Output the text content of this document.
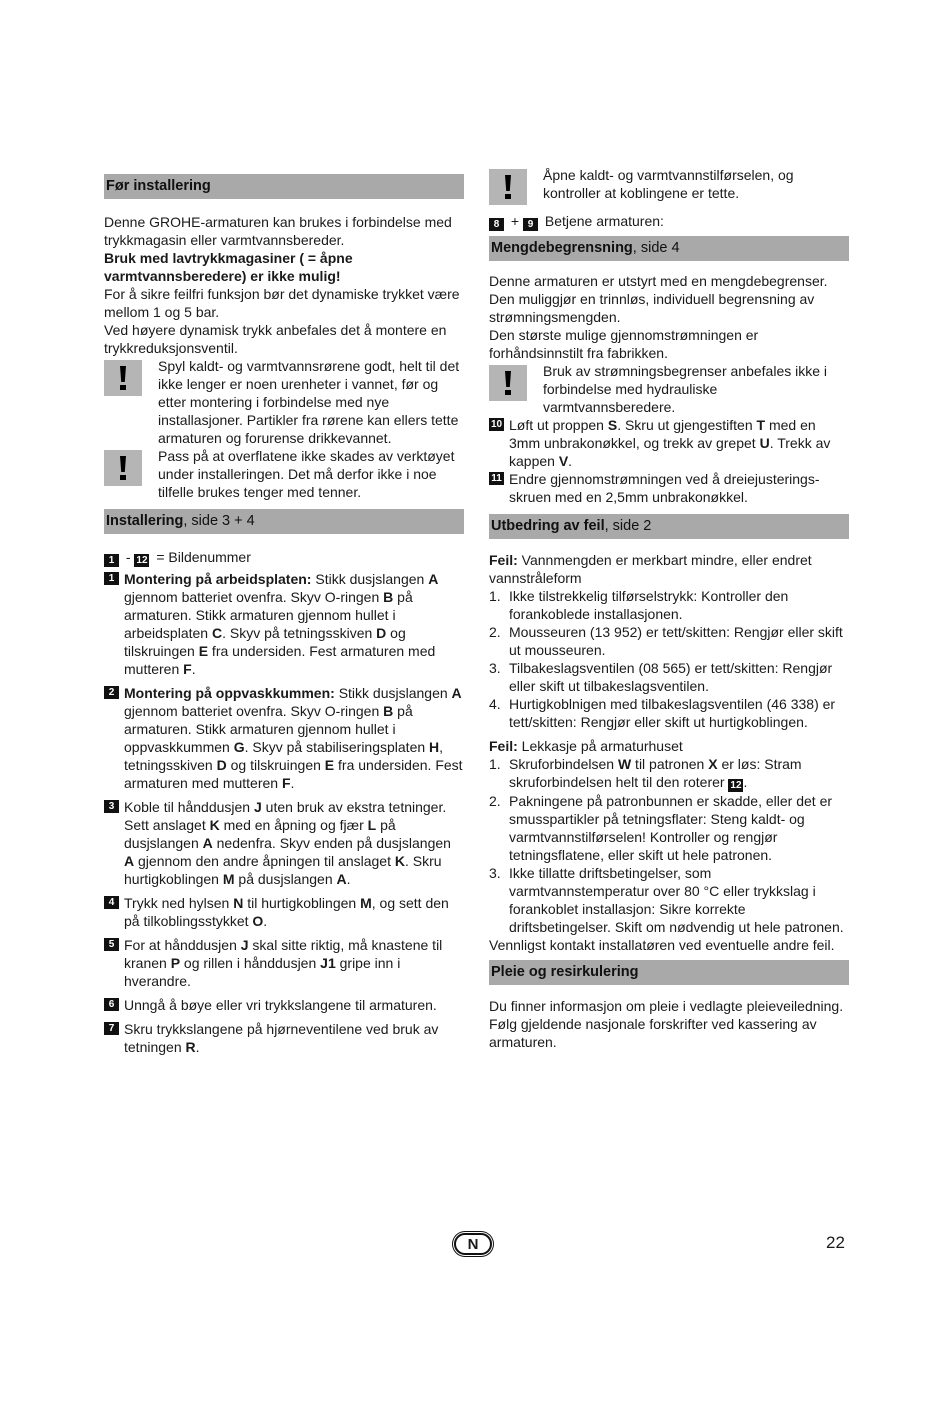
Før installering

Denne GROHE-armaturen kan brukes i forbindelse med trykkmagasin eller varmtvannsbereder.

Bruk med lavtrykkmagasiner ( = åpne varmtvannsberedere) er ikke mulig!

For å sikre feilfri funksjon bør det dynamiske trykket være mellom 1 og 5 bar.

Ved høyere dynamisk trykk anbefales det å montere en trykkreduksjonsventil.

Spyl kaldt- og varmtvannsrørene godt, helt til det ikke lenger er noen urenheter i vannet, før og etter montering i forbindelse med nye installasjoner. Partikler fra rørene kan ellers tette armaturen og forurense drikkevannet.
Pass på at overflatene ikke skades av verktøyet under installeringen. Det må derfor ikke i noe tilfelle brukes tenger med tenner.
Installering, side 3 + 4

1 - 12 = Bildenummer

1 Montering på arbeidsplaten: Stikk dusjslangen A gjennom batteriet ovenfra. Skyv O-ringen B på armaturen. Stikk armaturen gjennom hullet i arbeidsplaten C. Skyv på tetningsskiven D og tilskruingen E fra undersiden. Fest armaturen med mutteren F.
2 Montering på oppvaskkummen: Stikk dusjslangen A gjennom batteriet ovenfra. Skyv O-ringen B på armaturen. Stikk armaturen gjennom hullet i oppvaskkummen G. Skyv på stabiliseringsplaten H, tetningsskiven D og tilskruingen E fra undersiden. Fest armaturen med mutteren F.
3 Koble til hånddusjen J uten bruk av ekstra tetninger. Sett anslaget K med en åpning og fjær L på dusjslangen A nedenfra. Skyv enden på dusjslangen A gjennom den andre åpningen til anslaget K. Skru hurtigkoblingen M på dusjslangen A.
4 Trykk ned hylsen N til hurtigkoblingen M, og sett den på tilkoblingsstykket O.
5 For at hånddusjen J skal sitte riktig, må knastene til kranen P og rillen i hånddusjen J1 gripe inn i hverandre.
6 Unngå å bøye eller vri trykkslangene til armaturen.
7 Skru trykkslangene på hjørneventilene ved bruk av tetningen R.
Åpne kaldt- og varmtvannstilførselen, og kontroller at koblingene er tette.

8 + 9 Betjene armaturen:

Mengdebegrensning, side 4

Denne armaturen er utstyrt med en mengdebegrenser. Den muliggjør en trinnløs, individuell begrensning av strømningsmengden.

Den største mulige gjennomstrømningen er forhåndsinnstilt fra fabrikken.

Bruk av strømningsbegrenser anbefales ikke i forbindelse med hydrauliske varmtvannsberedere.
10 Løft ut proppen S. Skru ut gjengestiften T med en 3mm unbrakonøkkel, og trekk av grepet U. Trekk av kappen V.
11 Endre gjennomstrømningen ved å dreiejusterings-skruen med en 2,5mm unbrakonøkkel.
Utbedring av feil, side 2

Feil: Vannmengden er merkbart mindre, eller endret vannstråleform

1. Ikke tilstrekkelig tilførselstrykk: Kontroller den forankoblede installasjonen.
2. Mousseuren (13 952) er tett/skitten: Rengjør eller skift ut mousseuren.
3. Tilbakeslagsventilen (08 565) er tett/skitten: Rengjør eller skift ut tilbakeslagsventilen.
4. Hurtigkoblnigen med tilbakeslagsventilen (46 338) er tett/skitten: Rengjør eller skift ut hurtigkoblingen.

Feil: Lekkasje på armaturhuset

1. Skruforbindelsen W til patronen X er løs: Stram skruforbindelsen helt til den roterer 12 .
2. Pakningene på patronbunnen er skadde, eller det er smusspartikler på tetningsflater: Steng kaldt- og varmtvannstilførselen! Kontroller og rengjør tetningsflatene, eller skift ut hele patronen.
3. Ikke tillatte driftsbetingelser, som varmtvannstemperatur over 80 °C eller trykkslag i forankoblet installasjon: Sikre korrekte driftsbetingelser. Skift om nødvendig ut hele patronen.

Vennligst kontakt installatøren ved eventuelle andre feil.

Pleie og resirkulering

Du finner informasjon om pleie i vedlagte pleieveiledning. Følg gjeldende nasjonale forskrifter ved kassering av armaturen.

N	22
